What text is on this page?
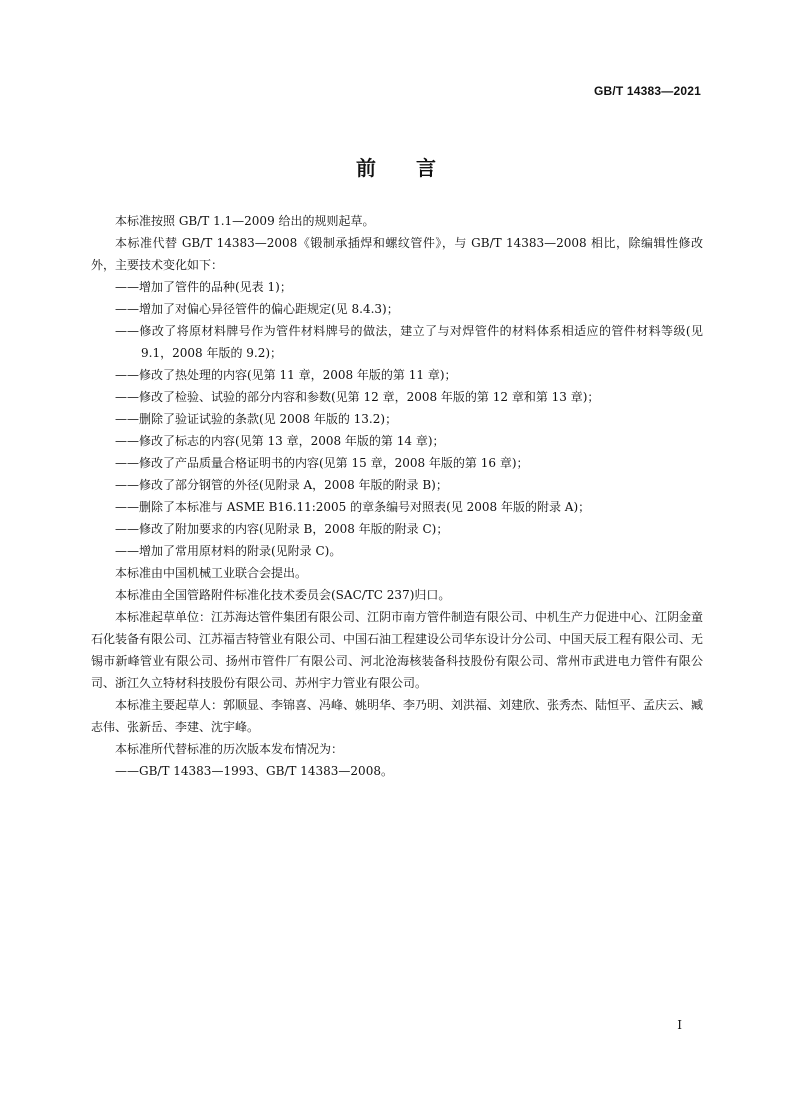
GB/T 14383—2021
前言

本标准按照 GB/T 1.1—2009 给出的规则起草。

本标准代替 GB/T 14383—2008《锻制承插焊和螺纹管件》，与 GB/T 14383—2008 相比，除编辑性修改外，主要技术变化如下：

——增加了管件的品种(见表 1)；

——增加了对偏心异径管件的偏心距规定(见 8.4.3)；

——修改了将原材料牌号作为管件材料牌号的做法，建立了与对焊管件的材料体系相适应的管件材料等级(见 9.1，2008 年版的 9.2)；

——修改了热处理的内容(见第 11 章，2008 年版的第 11 章)；

——修改了检验、试验的部分内容和参数(见第 12 章，2008 年版的第 12 章和第 13 章)；

——删除了验证试验的条款(见 2008 年版的 13.2)；

——修改了标志的内容(见第 13 章，2008 年版的第 14 章)；

——修改了产品质量合格证明书的内容(见第 15 章，2008 年版的第 16 章)；

——修改了部分钢管的外径(见附录 A，2008 年版的附录 B)；

——删除了本标准与 ASME B16.11:2005 的章条编号对照表(见 2008 年版的附录 A)；

——修改了附加要求的内容(见附录 B，2008 年版的附录 C)；

——增加了常用原材料的附录(见附录 C)。

本标准由中国机械工业联合会提出。

本标准由全国管路附件标准化技术委员会(SAC/TC 237)归口。

本标准起草单位：江苏海达管件集团有限公司、江阴市南方管件制造有限公司、中机生产力促进中心、江阴金童石化装备有限公司、江苏福吉特管业有限公司、中国石油工程建设公司华东设计分公司、中国天辰工程有限公司、无锡市新峰管业有限公司、扬州市管件厂有限公司、河北沧海核装备科技股份有限公司、常州市武进电力管件有限公司、浙江久立特材科技股份有限公司、苏州宇力管业有限公司。

本标准主要起草人：郭顺显、李锦喜、冯峰、姚明华、李乃明、刘洪福、刘建欣、张秀杰、陆恒平、孟庆云、臧志伟、张新岳、李建、沈宇峰。

本标准所代替标准的历次版本发布情况为：

——GB/T 14383—1993、GB/T 14383—2008。

I
